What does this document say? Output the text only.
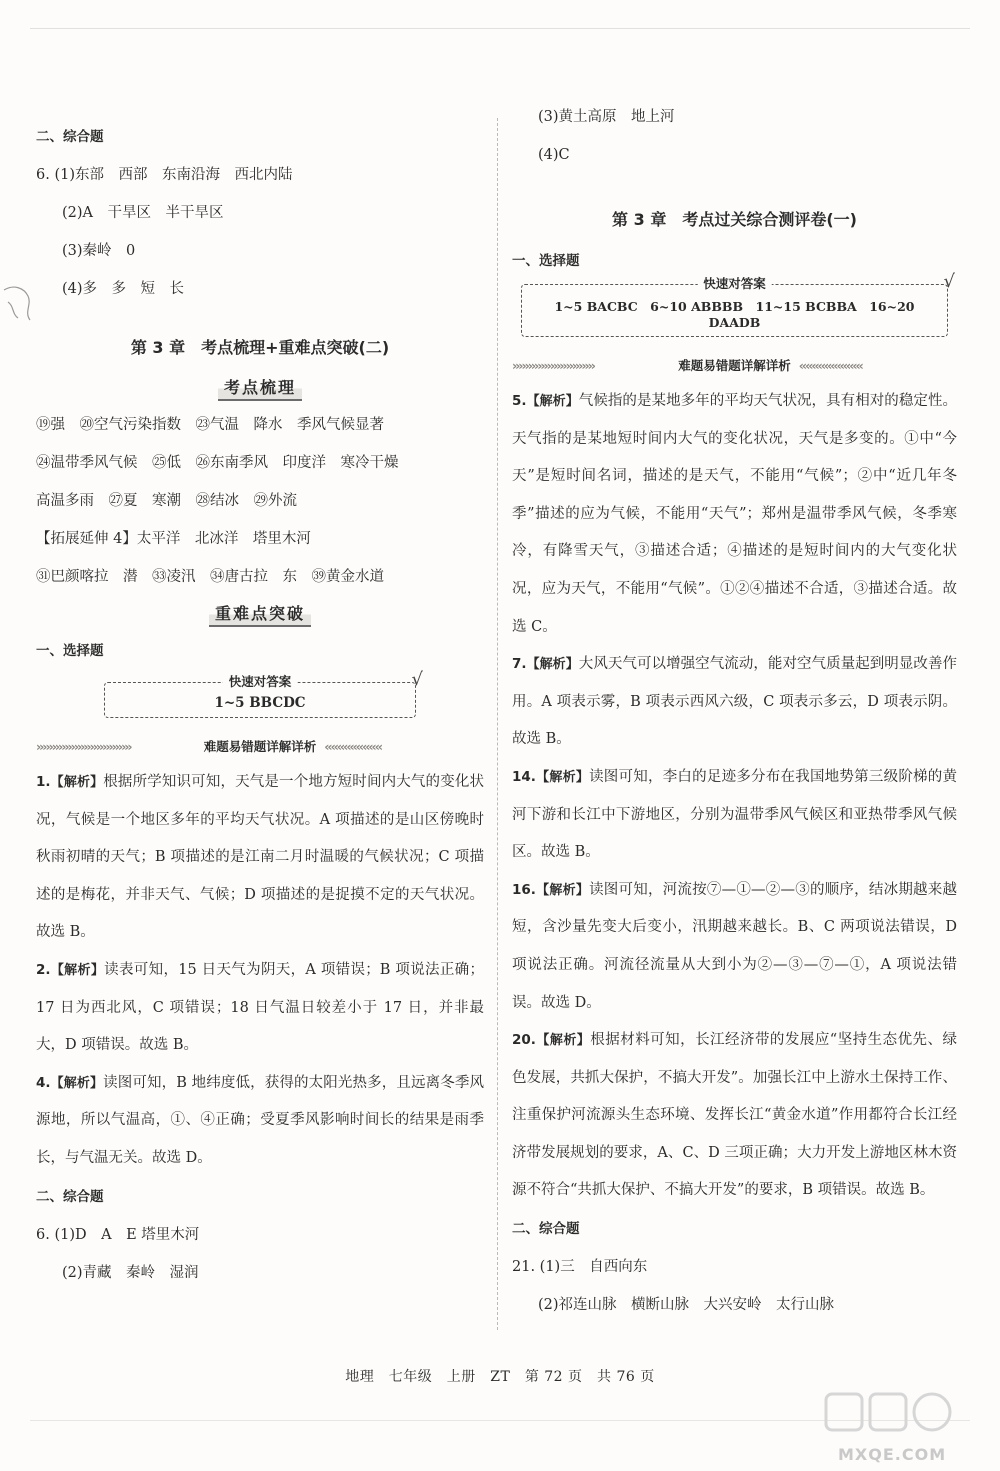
二、综合题
6. (1)东部　西部　东南沿海　西北内陆
(2)A　干旱区　半干旱区
(3)秦岭　0
(4)多　多　短　长
第 3 章　考点梳理+重难点突破(二)
考点梳理
⑲强　⑳空气污染指数　㉓气温　降水　季风气候显著
㉔温带季风气候　㉕低　㉖东南季风　印度洋　寒冷干燥
高温多雨　㉗夏　寒潮　㉘结冰　㉙外流
【拓展延伸 4】太平洋　北冰洋　塔里木河
㉛巴颜喀拉　潜　㉝凌汛　㉞唐古拉　东　㊴黄金水道
重难点突破
一、选择题
快速对答案	√
1~5 BBCDC
››››››››››››››››››››››››››››››	难题易错题详解详析 ‹‹‹‹‹‹‹‹‹‹‹‹‹‹‹‹‹‹

1.【解析】根据所学知识可知，天气是一个地方短时间内大气的变化状况，气候是一个地区多年的平均天气状况。A 项描述的是山区傍晚时秋雨初晴的天气；B 项描述的是江南二月时温暖的气候状况；C 项描述的是梅花，并非天气、气候；D 项描述的是捉摸不定的天气状况。故选 B。

2.【解析】读表可知，15 日天气为阴天，A 项错误；B 项说法正确；17 日为西北风，C 项错误；18 日气温日较差小于 17 日，并非最大，D 项错误。故选 B。

4.【解析】读图可知，B 地纬度低，获得的太阳光热多，且远离冬季风源地，所以气温高，①、④正确；受夏季风影响时间长的结果是雨季长，与气温无关。故选 D。

二、综合题
6. (1)D　A　E 塔里木河
(2)青藏　秦岭　湿润
(3)黄土高原　地上河
(4)C
第 3 章　考点过关综合测评卷(一)
一、选择题
快速对答案	√
1~5 BACBC　6~10 ABBBB　11~15 BCBBA　16~20 DAADB
››››››››››››››››››››››››››	难题易错题详解详析 ‹‹‹‹‹‹‹‹‹‹‹‹‹‹‹‹‹‹‹‹

5.【解析】气候指的是某地多年的平均天气状况，具有相对的稳定性。天气指的是某地短时间内大气的变化状况，天气是多变的。①中“今天”是短时间名词，描述的是天气，不能用“气候”；②中“近几年冬季”描述的应为气候，不能用“天气”；郑州是温带季风气候，冬季寒冷，有降雪天气，③描述合适；④描述的是短时间内的大气变化状况，应为天气，不能用“气候”。①②④描述不合适，③描述合适。故选 C。

7.【解析】大风天气可以增强空气流动，能对空气质量起到明显改善作用。A 项表示雾，B 项表示西风六级，C 项表示多云，D 项表示阴。故选 B。

14.【解析】读图可知，李白的足迹多分布在我国地势第三级阶梯的黄河下游和长江中下游地区，分别为温带季风气候区和亚热带季风气候区。故选 B。

16.【解析】读图可知，河流按⑦—①—②—③的顺序，结冰期越来越短，含沙量先变大后变小，汛期越来越长。B、C 两项说法错误，D 项说法正确。河流径流量从大到小为②—③—⑦—①，A 项说法错误。故选 D。

20.【解析】根据材料可知，长江经济带的发展应“坚持生态优先、绿色发展，共抓大保护，不搞大开发”。加强长江中上游水土保持工作、注重保护河流源头生态环境、发挥长江“黄金水道”作用都符合长江经济带发展规划的要求，A、C、D 三项正确；大力开发上游地区林木资源不符合“共抓大保护、不搞大开发”的要求，B 项错误。故选 B。

二、综合题
21. (1)三　自西向东
(2)祁连山脉　横断山脉　大兴安岭　太行山脉
地理　七年级　上册　ZT　第 72 页　共 76 页
MXQE.COM
